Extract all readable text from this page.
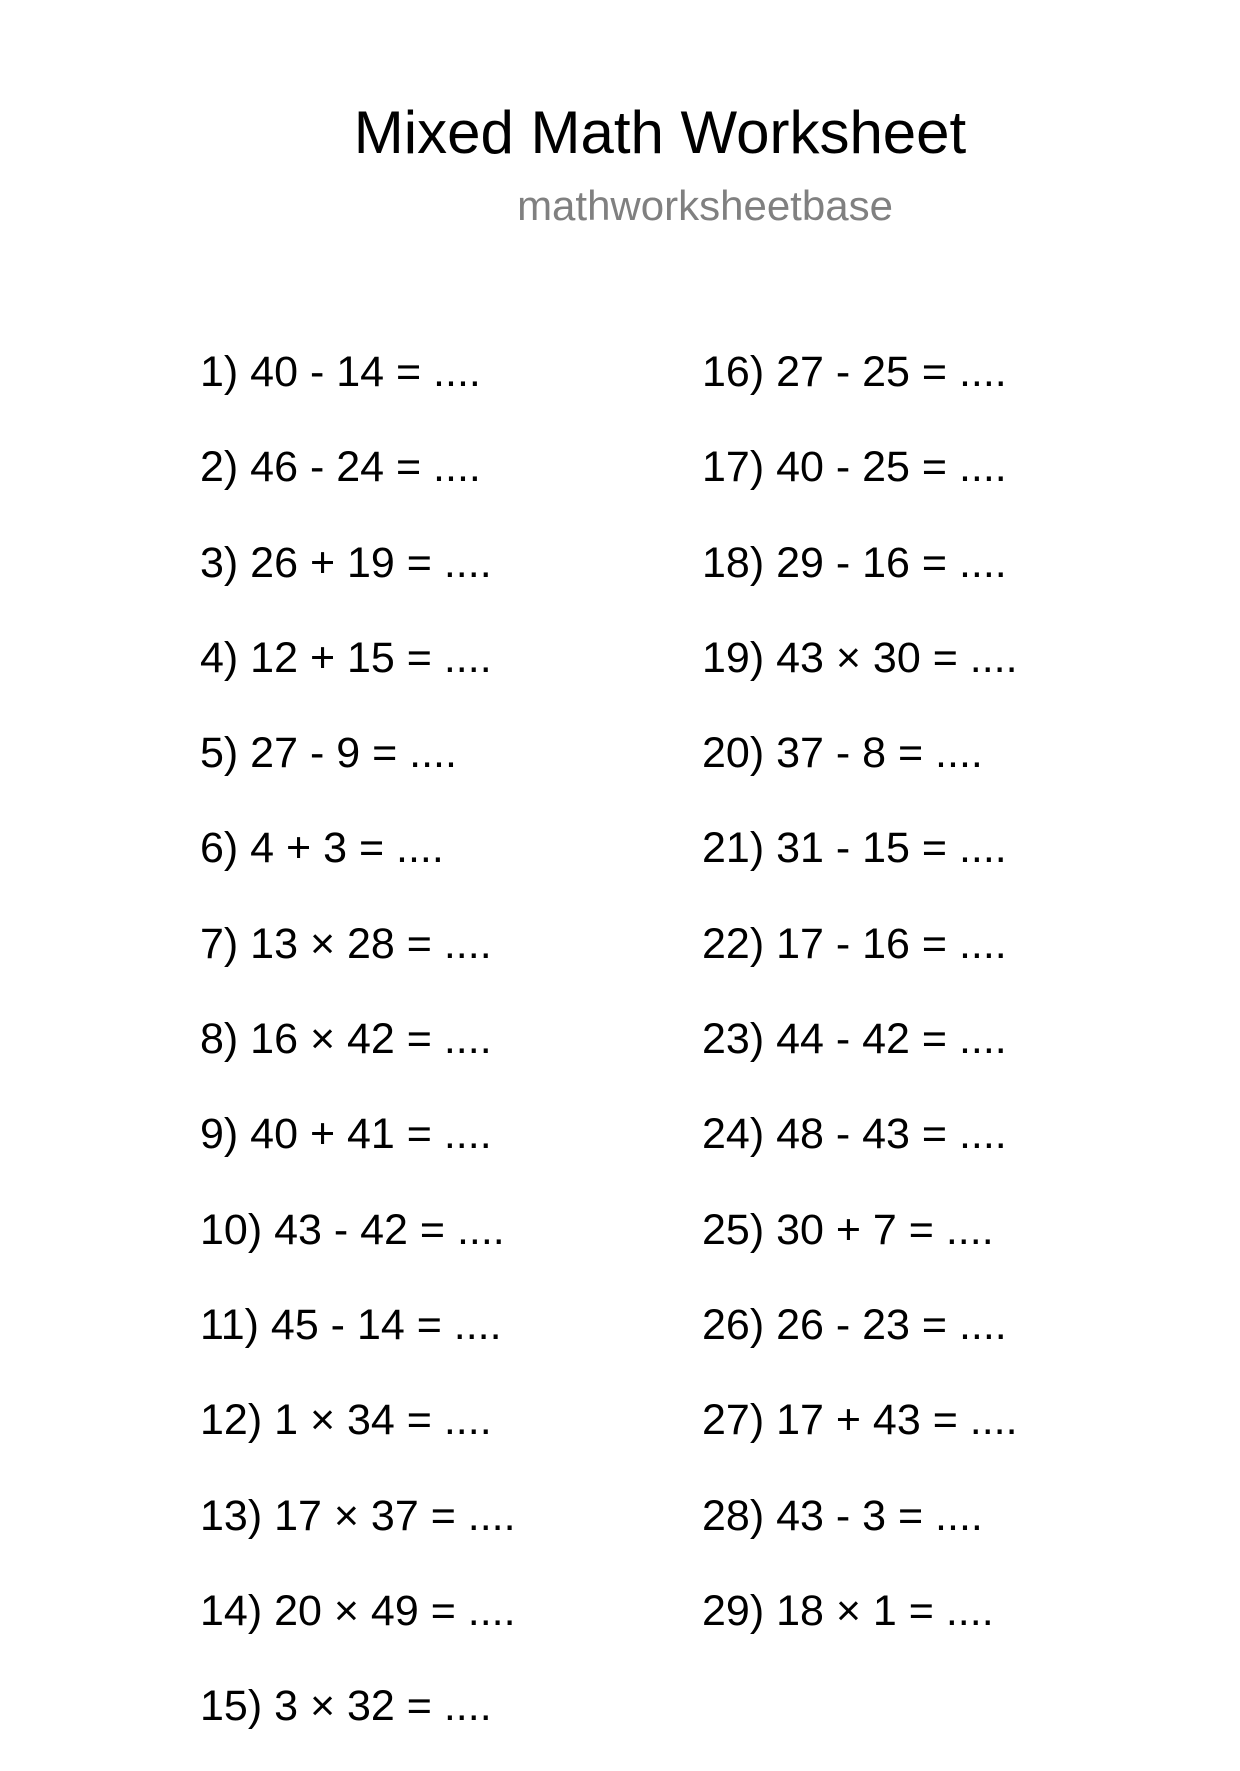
Mixed Math Worksheet
mathworksheetbase
1) 40 - 14 = ....
2) 46 - 24 = ....
3) 26 + 19 = ....
4) 12 + 15 = ....
5) 27 - 9 = ....
6) 4 + 3 = ....
7) 13 × 28 = ....
8) 16 × 42 = ....
9) 40 + 41 = ....
10) 43 - 42 = ....
11) 45 - 14 = ....
12) 1 × 34 = ....
13) 17 × 37 = ....
14) 20 × 49 = ....
15) 3 × 32 = ....
16) 27 - 25 = ....
17) 40 - 25 = ....
18) 29 - 16 = ....
19) 43 × 30 = ....
20) 37 - 8 = ....
21) 31 - 15 = ....
22) 17 - 16 = ....
23) 44 - 42 = ....
24) 48 - 43 = ....
25) 30 + 7 = ....
26) 26 - 23 = ....
27) 17 + 43 = ....
28) 43 - 3 = ....
29) 18 × 1 = ....
